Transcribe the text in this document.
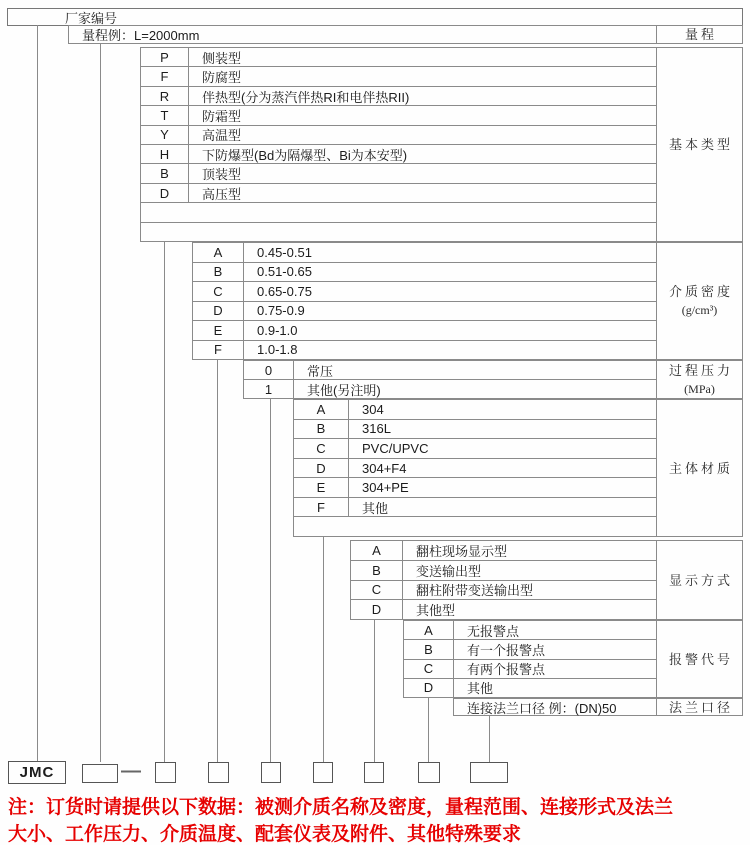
厂家编号
量程例：L=2000mm	量程
P	侧装型
F	防腐型
R	伴热型(分为蒸汽伴热RI和电伴热RII)
T	防霜型
Y	高温型
H	下防爆型(Bd为隔爆型、Bi为本安型)
B	顶装型
D	高压型
基本类型
A	0.45-0.51
B	0.51-0.65
C	0.65-0.75
D	0.75-0.9
E	0.9-1.0
F	1.0-1.8
介质密度
(g/cm³)
0	常压
1	其他(另注明)
过程压力
(MPa)
A	304
B	316L
C	PVC/UPVC
D	304+F4
E	304+PE
F	其他
主体材质
A	翻柱现场显示型
B	变送输出型
C	翻柱附带变送输出型
D	其他型
显示方式
A	无报警点
B	有一个报警点
C	有两个报警点
D	其他
报警代号
连接法兰口径 例：(DN)50	法兰口径
JMC	—
注：订货时请提供以下数据：被测介质名称及密度，量程范围、连接形式及法兰
大小、工作压力、介质温度、配套仪表及附件、其他特殊要求
